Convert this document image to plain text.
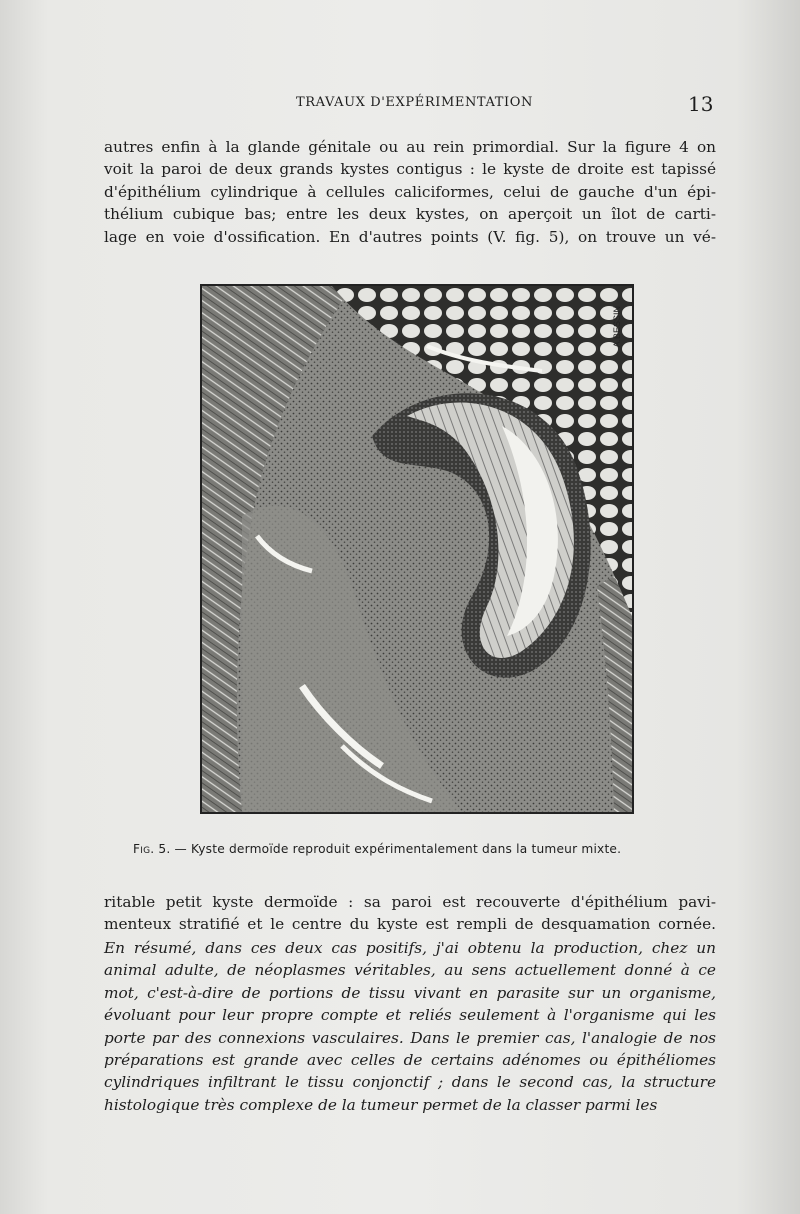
TRAVAUX D'EXPÉRIMENTATION	13
autres enfin à la glande génitale ou au rein primordial. Sur la figure 4 on
voit la paroi de deux grands kystes contigus : le kyste de droite est tapissé
d'épithélium cylindrique à cellules caliciformes, celui de gauche d'un épi-
thélium cubique bas; entre les deux kystes, on aperçoit un îlot de carti-
lage en voie d'ossification. En d'autres points (V. fig. 5), on trouve un vé-
A.BESSIN
Fig. 5. — Kyste dermoïde reproduit expérimentalement dans la tumeur mixte.
ritable petit kyste dermoïde : sa paroi est recouverte d'épithélium pavi-
menteux stratifié et le centre du kyste est rempli de desquamation cornée.
En résumé, dans ces deux cas positifs, j'ai obtenu la production, chez un
animal adulte, de néoplasmes véritables, au sens actuellement donné à ce
mot, c'est-à-dire de portions de tissu vivant en parasite sur un organisme,
évoluant pour leur propre compte et reliés seulement à l'organisme qui les
porte par des connexions vasculaires. Dans le premier cas, l'analogie de nos
préparations est grande avec celles de certains adénomes ou épithéliomes
cylindriques infiltrant le tissu conjonctif ; dans le second cas, la structure
histologique très complexe de la tumeur permet de la classer parmi les
